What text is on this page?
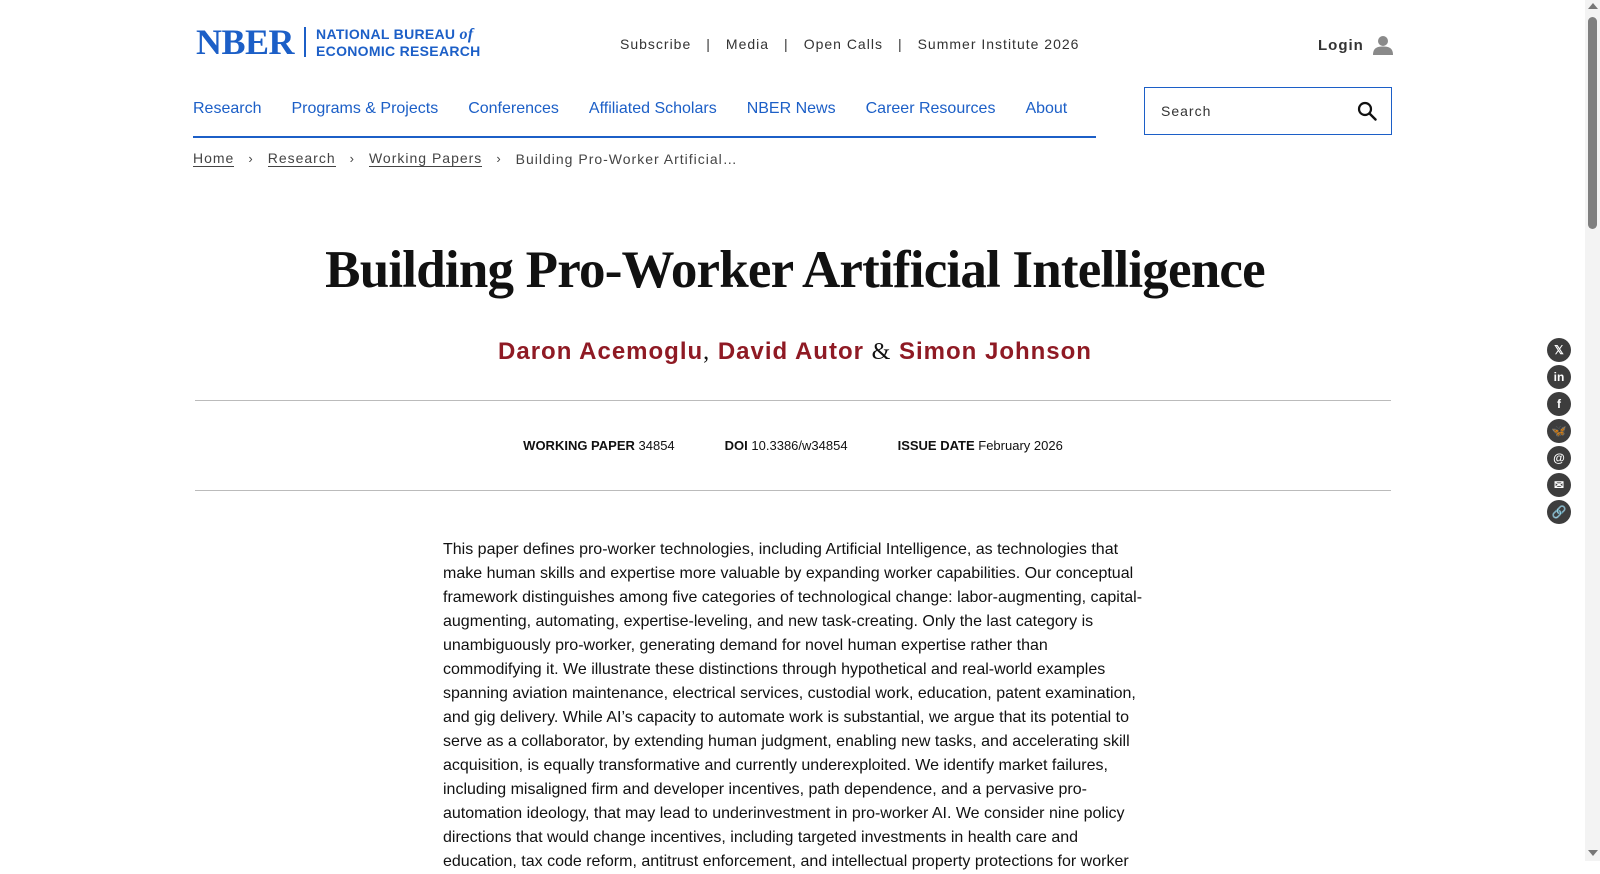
NBER NATIONAL BUREAU of
ECONOMIC RESEARCH	Subscribe | Media | Open Calls | Summer Institute 2026	Login
Research Programs & Projects Conferences Affiliated Scholars NBER News Career Resources About
Search
Home › Research › Working Papers › Building Pro-Worker Artificial…
Building Pro-Worker Artificial Intelligence
Daron Acemoglu, David Autor & Simon Johnson
WORKING PAPER 34854	DOI 10.3386/w34854	ISSUE DATE February 2026

This paper defines pro-worker technologies, including Artificial Intelligence, as technologies that make human skills and expertise more valuable by expanding worker capabilities. Our conceptual framework distinguishes among five categories of technological change: labor-augmenting, capital-augmenting, automating, expertise-leveling, and new task-creating. Only the last category is unambiguously pro-worker, generating demand for novel human expertise rather than commodifying it. We illustrate these distinctions through hypothetical and real-world examples spanning aviation maintenance, electrical services, custodial work, education, patent examination, and gig delivery. While AI’s capacity to automate work is substantial, we argue that its potential to serve as a collaborator, by extending human judgment, enabling new tasks, and accelerating skill acquisition, is equally transformative and currently underexploited. We identify market failures, including misaligned firm and developer incentives, path dependence, and a pervasive pro-automation ideology, that may lead to underinvestment in pro-worker AI. We consider nine policy directions that would change incentives, including targeted investments in health care and education, tax code reform, antitrust enforcement, and intellectual property protections for worker

𝕏
in
f
🦋
@
✉
🔗
